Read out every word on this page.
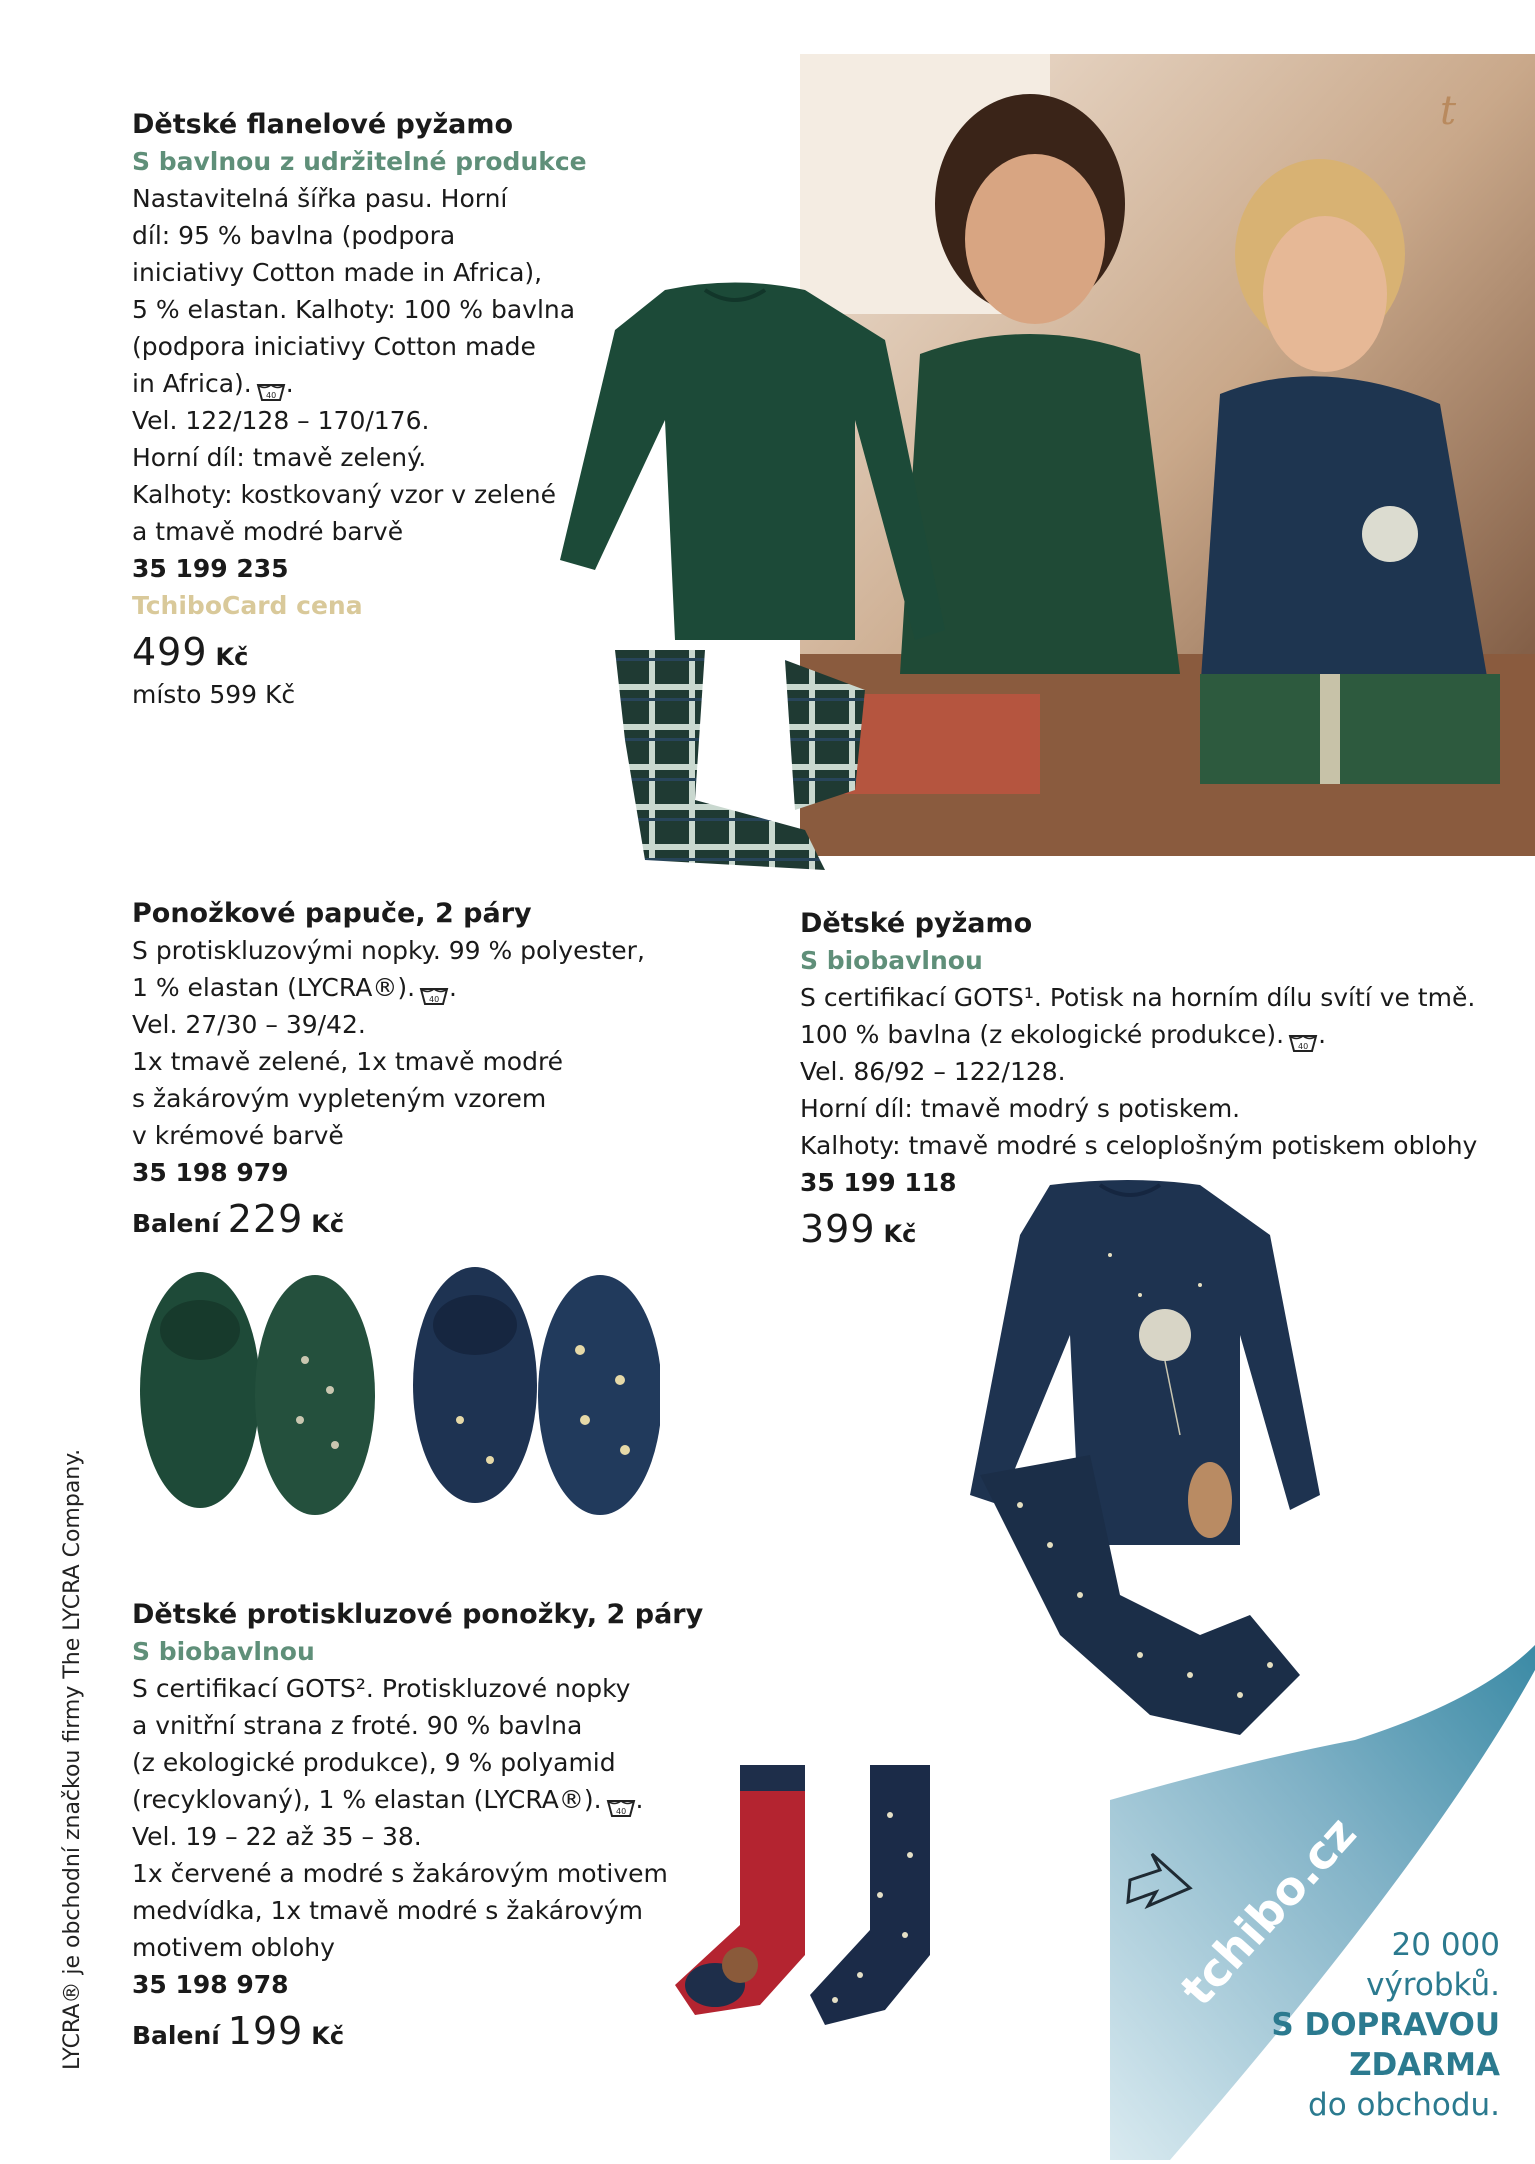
t
Dětské flanelové pyžamo
S bavlnou z udržitelné produkce
Nastavitelná šířka pasu. Horní
díl: 95 % bavlna (podpora
iniciativy Cotton made in Africa),
5 % elastan. Kalhoty: 100 % bavlna
(podpora iniciativy Cotton made
in Africa). 40 .
Vel. 122/128 – 170/176.
Horní díl: tmavě zelený.
Kalhoty: kostkovaný vzor v zelené
a tmavě modré barvě
35 199 235
TchiboCard cena
499 Kč
místo 599 Kč
Ponožkové papuče, 2 páry
S protiskluzovými nopky. 99 % polyester,
1 % elastan (LYCRA®). 40 .
Vel. 27/30 – 39/42.
1x tmavě zelené, 1x tmavě modré
s žakárovým vypleteným vzorem
v krémové barvě
35 198 979
Balení 229 Kč
Dětské pyžamo
S biobavlnou
S certifikací GOTS¹. Potisk na horním dílu svítí ve tmě.
100 % bavlna (z ekologické produkce). 40 .
Vel. 86/92 – 122/128.
Horní díl: tmavě modrý s potiskem.
Kalhoty: tmavě modré s celoplošným potiskem oblohy
35 199 118
399 Kč
Dětské protiskluzové ponožky, 2 páry
S biobavlnou
S certifikací GOTS². Protiskluzové nopky
a vnitřní strana z froté. 90 % bavlna
(z ekologické produkce), 9 % polyamid
(recyklovaný), 1 % elastan (LYCRA®). 40 .
Vel. 19 – 22 až 35 – 38.
1x červené a modré s žakárovým motivem
medvídka, 1x tmavě modré s žakárovým
motivem oblohy
35 198 978
Balení 199 Kč
tchibo.cz 20 000
výrobků.
S DOPRAVOU
ZDARMA
do obchodu.
LYCRA® je obchodní značkou firmy The LYCRA Company.
